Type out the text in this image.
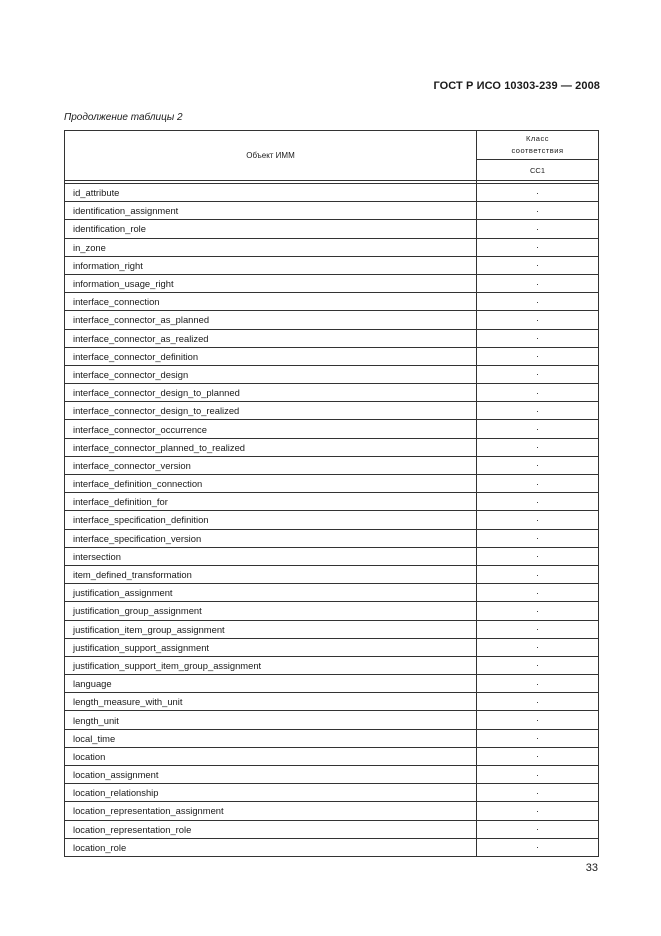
ГОСТ Р ИСО 10303-239 — 2008
Продолжение таблицы 2
Объект ИММ	Класс
соответствия
	CC1

id_attribute	·
identification_assignment	·
identification_role	·
in_zone	·
information_right	·
information_usage_right	·
interface_connection	·
interface_connector_as_planned	·
interface_connector_as_realized	·
interface_connector_definition	·
interface_connector_design	·
interface_connector_design_to_planned	·
interface_connector_design_to_realized	·
interface_connector_occurrence	·
interface_connector_planned_to_realized	·
interface_connector_version	·
interface_definition_connection	·
interface_definition_for	·
interface_specification_definition	·
interface_specification_version	·
intersection	·
item_defined_transformation	·
justification_assignment	·
justification_group_assignment	·
justification_item_group_assignment	·
justification_support_assignment	·
justification_support_item_group_assignment	·
language	·
length_measure_with_unit	·
length_unit	·
local_time	·
location	·
location_assignment	·
location_relationship	·
location_representation_assignment	·
location_representation_role	·
location_role	·
33
